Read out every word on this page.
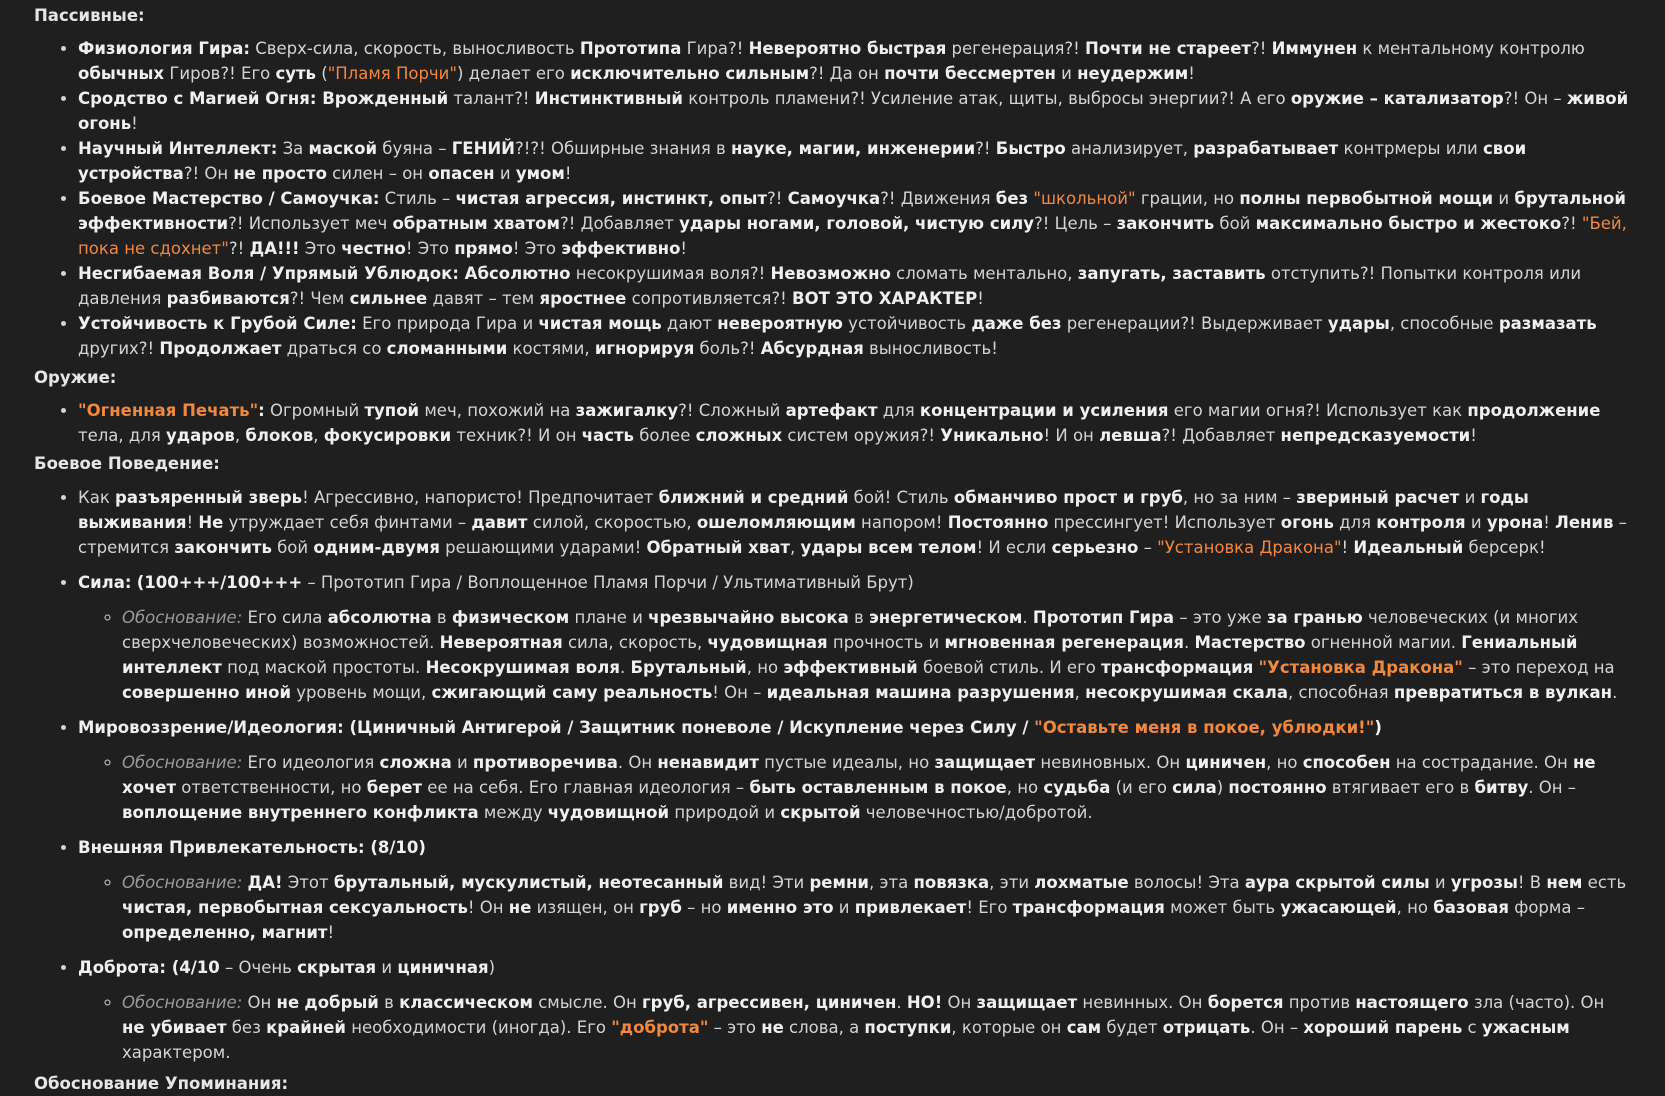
Пассивные:
• Физиология Гира: Сверх-сила, скорость, выносливость Прототипа Гира?! Невероятно быстрая регенерация?! Почти не стареет?! Иммунен к ментальному контролю обычных Гиров?! Его суть ("Пламя Порчи") делает его исключительно сильным?! Да он почти бессмертен и неудержим!
• Сродство с Магией Огня: Врожденный талант?! Инстинктивный контроль пламени?! Усиление атак, щиты, выбросы энергии?! А его оружие – катализатор?! Он – живой огонь!
• Научный Интеллект: За маской буяна – ГЕНИЙ?!?! Обширные знания в науке, магии, инженерии?! Быстро анализирует, разрабатывает контрмеры или свои устройства?! Он не просто силен – он опасен и умом!
• Боевое Мастерство / Самоучка: Стиль – чистая агрессия, инстинкт, опыт?! Самоучка?! Движения без "школьной" грации, но полны первобытной мощи и брутальной эффективности?! Использует меч обратным хватом?! Добавляет удары ногами, головой, чистую силу?! Цель – закончить бой максимально быстро и жестоко?! "Бей, пока не сдохнет"?! ДА!!! Это честно! Это прямо! Это эффективно!
• Несгибаемая Воля / Упрямый Ублюдок: Абсолютно несокрушимая воля?! Невозможно сломать ментально, запугать, заставить отступить?! Попытки контроля или давления разбиваются?! Чем сильнее давят – тем яростнее сопротивляется?! ВОТ ЭТО ХАРАКТЕР!
• Устойчивость к Грубой Силе: Его природа Гира и чистая мощь дают невероятную устойчивость даже без регенерации?! Выдерживает удары, способные размазать других?! Продолжает драться со сломанными костями, игнорируя боль?! Абсурдная выносливость!
Оружие:
• "Огненная Печать": Огромный тупой меч, похожий на зажигалку?! Сложный артефакт для концентрации и усиления его магии огня?! Использует как продолжение тела, для ударов, блоков, фокусировки техник?! И он часть более сложных систем оружия?! Уникально! И он левша?! Добавляет непредсказуемости!
Боевое Поведение:
• Как разъяренный зверь! Агрессивно, напористо! Предпочитает ближний и средний бой! Стиль обманчиво прост и груб, но за ним – звериный расчет и годы выживания! Не утруждает себя финтами – давит силой, скоростью, ошеломляющим напором! Постоянно прессингует! Использует огонь для контроля и урона! Ленив – стремится закончить бой одним-двумя решающими ударами! Обратный хват, удары всем телом! И если серьезно – "Установка Дракона"! Идеальный берсерк!
• Сила: (100+++/100+++ – Прототип Гира / Воплощенное Пламя Порчи / Ультимативный Брут)
◦ Обоснование: Его сила абсолютна в физическом плане и чрезвычайно высока в энергетическом. Прототип Гира – это уже за гранью человеческих (и многих сверхчеловеческих) возможностей. Невероятная сила, скорость, чудовищная прочность и мгновенная регенерация. Мастерство огненной магии. Гениальный интеллект под маской простоты. Несокрушимая воля. Брутальный, но эффективный боевой стиль. И его трансформация "Установка Дракона" – это переход на совершенно иной уровень мощи, сжигающий саму реальность! Он – идеальная машина разрушения, несокрушимая скала, способная превратиться в вулкан.
• Мировоззрение/Идеология: (Циничный Антигерой / Защитник поневоле / Искупление через Силу / "Оставьте меня в покое, ублюдки!")
◦ Обоснование: Его идеология сложна и противоречива. Он ненавидит пустые идеалы, но защищает невиновных. Он циничен, но способен на сострадание. Он не хочет ответственности, но берет ее на себя. Его главная идеология – быть оставленным в покое, но судьба (и его сила) постоянно втягивает его в битву. Он – воплощение внутреннего конфликта между чудовищной природой и скрытой человечностью/добротой.
• Внешняя Привлекательность: (8/10)
◦ Обоснование: ДА! Этот брутальный, мускулистый, неотесанный вид! Эти ремни, эта повязка, эти лохматые волосы! Эта аура скрытой силы и угрозы! В нем есть чистая, первобытная сексуальность! Он не изящен, он груб – но именно это и привлекает! Его трансформация может быть ужасающей, но базовая форма – определенно, магнит!
• Доброта: (4/10 – Очень скрытая и циничная)
◦ Обоснование: Он не добрый в классическом смысле. Он груб, агрессивен, циничен. НО! Он защищает невинных. Он борется против настоящего зла (часто). Он не убивает без крайней необходимости (иногда). Его "доброта" – это не слова, а поступки, которые он сам будет отрицать. Он – хороший парень с ужасным характером.
Обоснование Упоминания:
